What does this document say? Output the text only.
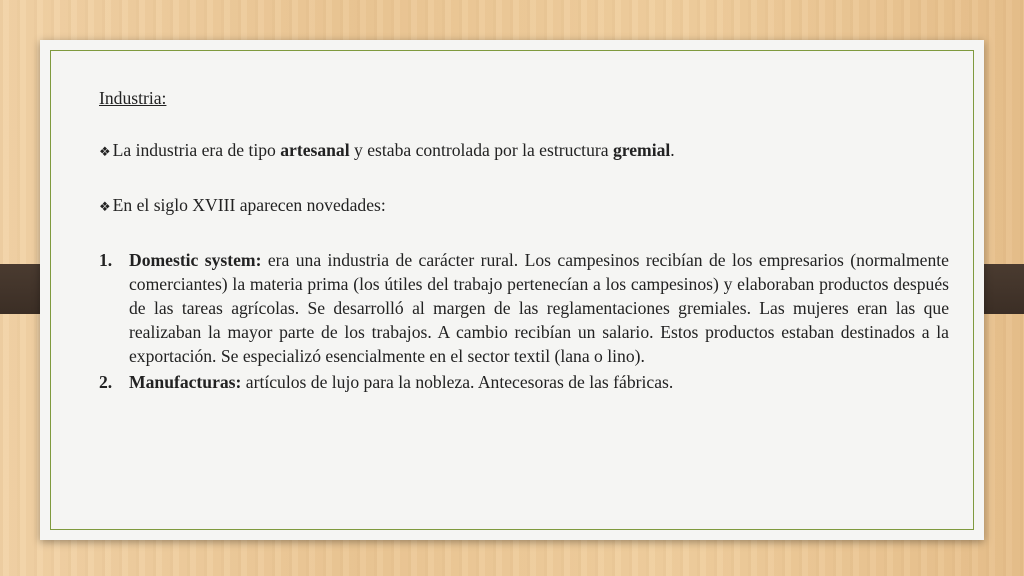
Industria:
❖ La industria era de tipo artesanal y estaba controlada por la estructura gremial.
❖ En el siglo XVIII aparecen novedades:
1. Domestic system: era una industria de carácter rural. Los campesinos recibían de los empresarios (normalmente comerciantes) la materia prima (los útiles del trabajo pertenecían a los campesinos) y elaboraban productos después de las tareas agrícolas. Se desarrolló al margen de las reglamentaciones gremiales. Las mujeres eran las que realizaban la mayor parte de los trabajos. A cambio recibían un salario. Estos productos estaban destinados a la exportación. Se especializó esencialmente en el sector textil (lana o lino).
2. Manufacturas: artículos de lujo para la nobleza. Antecesoras de las fábricas.
